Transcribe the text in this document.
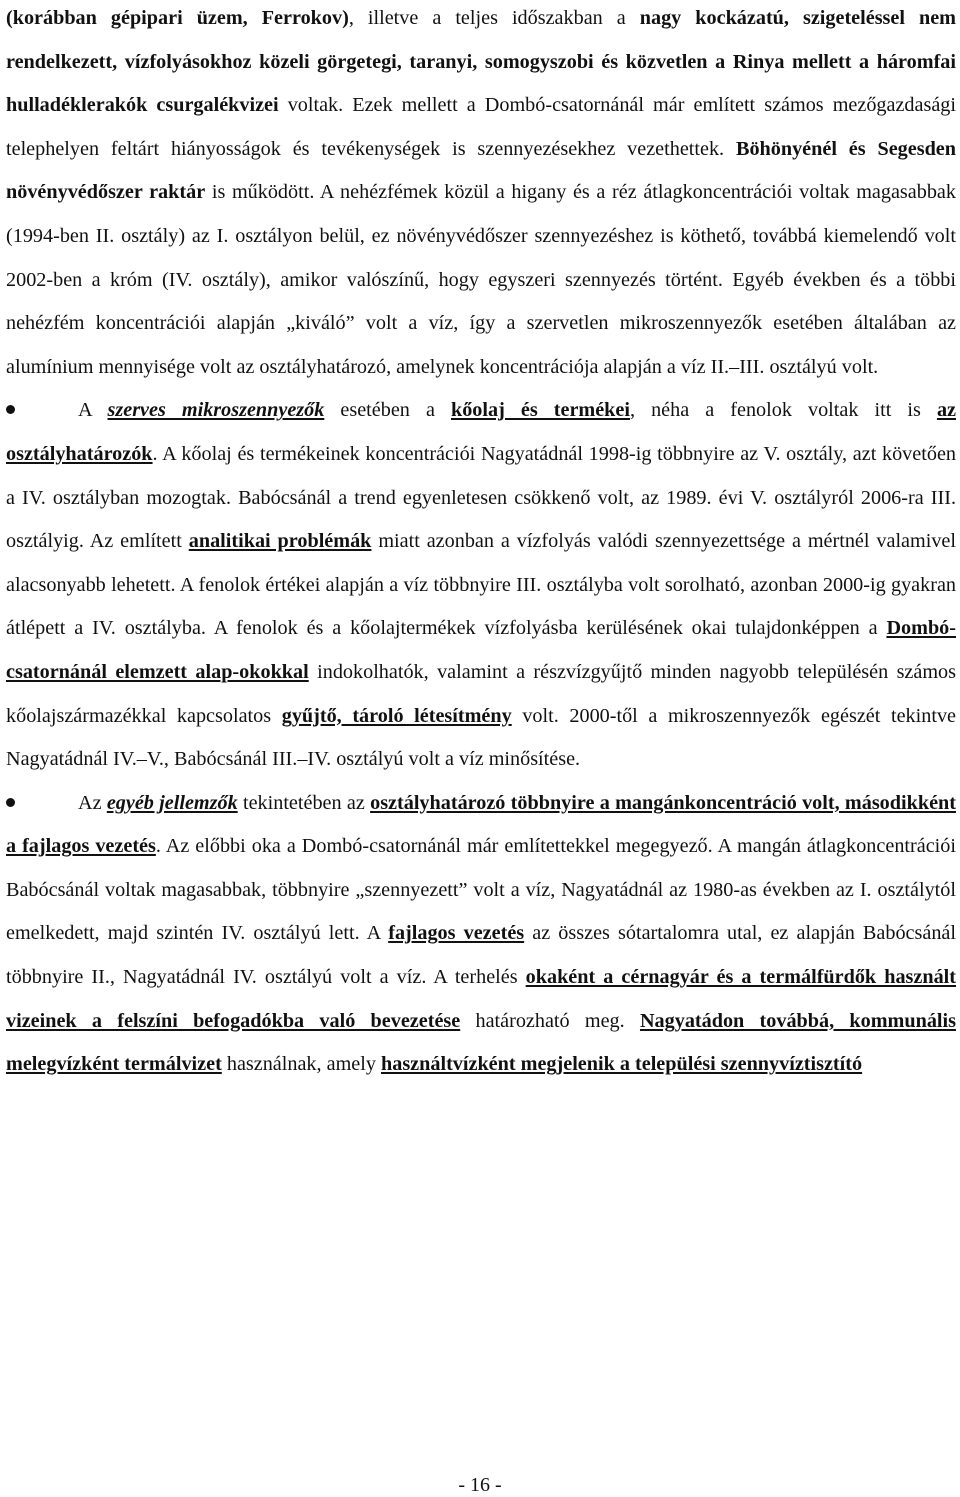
(korábban gépipari üzem, Ferrokov), illetve a teljes időszakban a nagy kockázatú, szigeteléssel nem rendelkezett, vízfolyásokhoz közeli görgetegi, taranyi, somogyszobi és közvetlen a Rinya mellett a háromfai hulladéklerakók csurgalékvizei voltak. Ezek mellett a Dombó-csatornánál már említett számos mezőgazdasági telephelyen feltárt hiányosságok és tevékenységek is szennyezésekhez vezethettek. Böhönyénél és Segesden növényvédőszer raktár is működött. A nehézfémek közül a higany és a réz átlagkoncentrációi voltak magasabbak (1994-ben II. osztály) az I. osztályon belül, ez növényvédőszer szennyezéshez is köthető, továbbá kiemelendő volt 2002-ben a króm (IV. osztály), amikor valószínű, hogy egyszeri szennyezés történt. Egyéb években és a többi nehézfém koncentrációi alapján „kiváló” volt a víz, így a szervetlen mikroszennyezők esetében általában az alumínium mennyisége volt az osztályhatározó, amelynek koncentrációja alapján a víz II.–III. osztályú volt.

A szerves mikroszennyezők esetében a kőolaj és termékei, néha a fenolok voltak itt is az osztályhatározók. A kőolaj és termékeinek koncentrációi Nagyatádnál 1998-ig többnyire az V. osztály, azt követően a IV. osztályban mozogtak. Babócsánál a trend egyenletesen csökkenő volt, az 1989. évi V. osztályról 2006-ra III. osztályig. Az említett analitikai problémák miatt azonban a vízfolyás valódi szennyezettsége a mértnél valamivel alacsonyabb lehetett. A fenolok értékei alapján a víz többnyire III. osztályba volt sorolható, azonban 2000-ig gyakran átlépett a IV. osztályba. A fenolok és a kőolajtermékek vízfolyásba kerülésének okai tulajdonképpen a Dombó-csatornánál elemzett alap-okokkal indokolhatók, valamint a részvízgyűjtő minden nagyobb településén számos kőolajszármazékkal kapcsolatos gyűjtő, tároló létesítmény volt. 2000-től a mikroszennyezők egészét tekintve Nagyatádnál IV.–V., Babócsánál III.–IV. osztályú volt a víz minősítése.

Az egyéb jellemzők tekintetében az osztályhatározó többnyire a mangánkoncentráció volt, másodikként a fajlagos vezetés. Az előbbi oka a Dombó-csatornánál már említettekkel megegyező. A mangán átlagkoncentrációi Babócsánál voltak magasabbak, többnyire „szennyezett” volt a víz, Nagyatádnál az 1980-as években az I. osztálytól emelkedett, majd szintén IV. osztályú lett. A fajlagos vezetés az összes sótartalomra utal, ez alapján Babócsánál többnyire II., Nagyatádnál IV. osztályú volt a víz. A terhelés okaként a cérnagyár és a termálfürdők használt vizeinek a felszíni befogadókba való bevezetése határozható meg. Nagyatádon továbbá, kommunális melegvízként termálvizet használnak, amely használtvízként megjelenik a települési szennyvíztisztító

- 16 -
